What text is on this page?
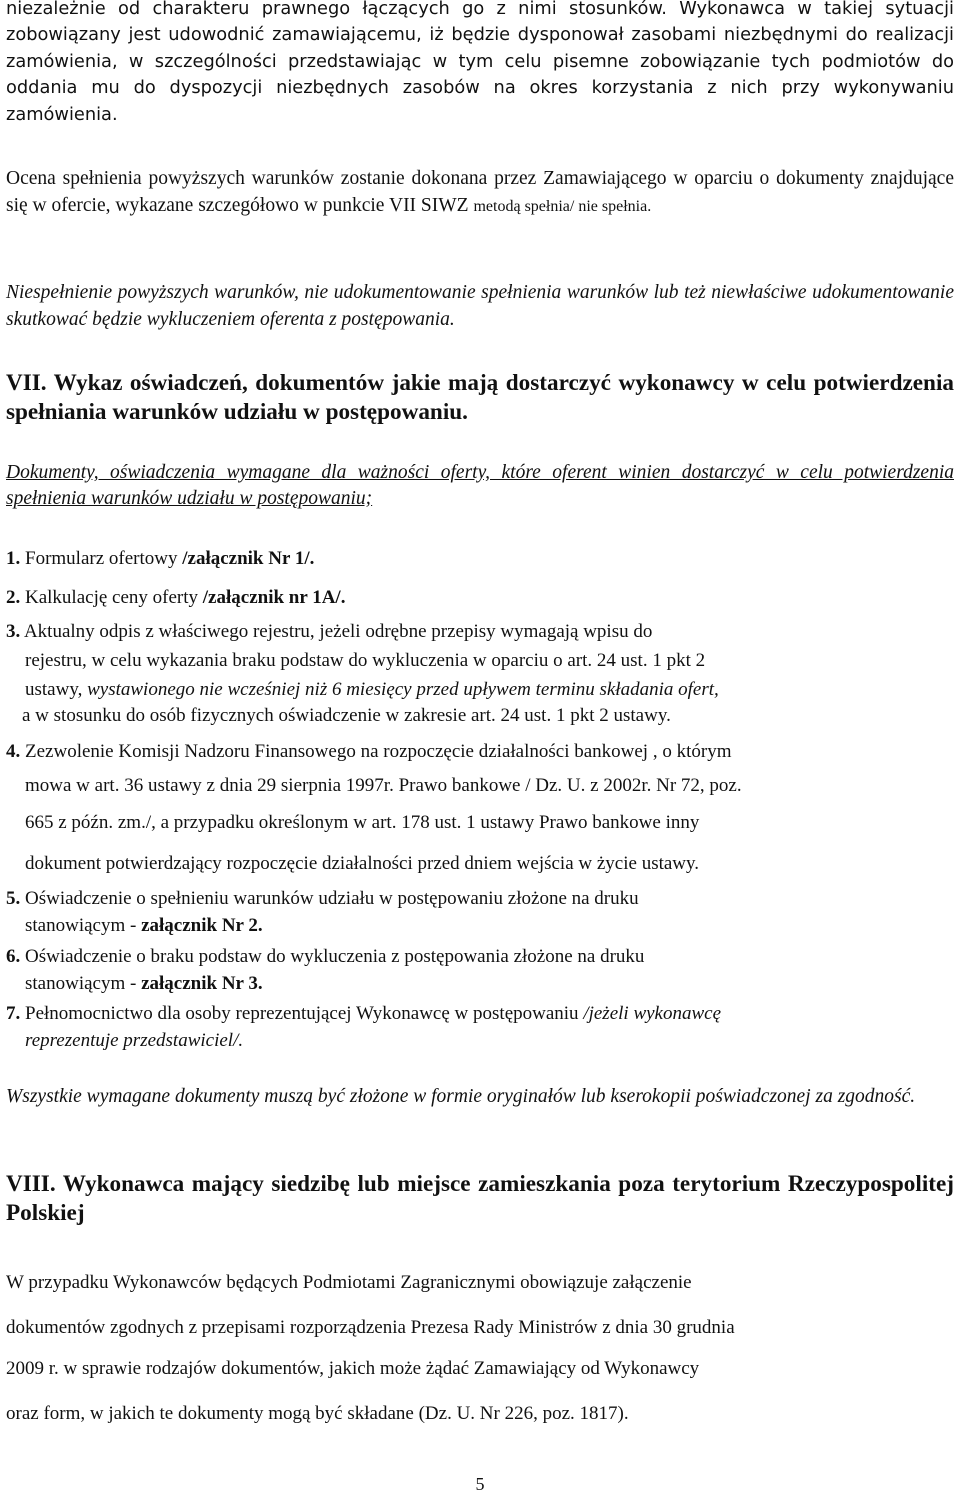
niezależnie od charakteru prawnego łączących go z nimi stosunków. Wykonawca w takiej sytuacji zobowiązany jest udowodnić zamawiającemu, iż będzie dysponował zasobami niezbędnymi do realizacji zamówienia, w szczególności przedstawiając w tym celu pisemne zobowiązanie tych podmiotów do oddania mu do dyspozycji niezbędnych zasobów na okres korzystania z nich przy wykonywaniu zamówienia.

Ocena spełnienia powyższych warunków zostanie dokonana przez Zamawiającego w oparciu o dokumenty znajdujące się w ofercie, wykazane szczegółowo w punkcie VII SIWZ metodą spełnia/ nie spełnia.

Niespełnienie powyższych warunków, nie udokumentowanie spełnienia warunków lub też niewłaściwe udokumentowanie skutkować będzie wykluczeniem oferenta z postępowania.

VII. Wykaz oświadczeń, dokumentów jakie mają dostarczyć wykonawcy w celu potwierdzenia spełniania warunków udziału w postępowaniu.

Dokumenty, oświadczenia wymagane dla ważności oferty, które oferent winien dostarczyć w celu potwierdzenia spełnienia warunków udziału w postępowaniu;

1. Formularz ofertowy /załącznik Nr 1/.
2. Kalkulację ceny oferty /załącznik nr 1A/.
3. Aktualny odpis z właściwego rejestru, jeżeli odrębne przepisy wymagają wpisu do
rejestru, w celu wykazania braku podstaw do wykluczenia w oparciu o art. 24 ust. 1 pkt 2
ustawy, wystawionego nie wcześniej niż 6 miesięcy przed upływem terminu składania ofert,
a w stosunku do osób fizycznych oświadczenie w zakresie art. 24 ust. 1 pkt 2 ustawy.
4. Zezwolenie Komisji Nadzoru Finansowego na rozpoczęcie działalności bankowej , o którym
mowa w art. 36 ustawy z dnia 29 sierpnia 1997r. Prawo bankowe / Dz. U. z 2002r. Nr 72, poz.
665 z późn. zm./, a przypadku określonym w art. 178 ust. 1 ustawy Prawo bankowe inny
dokument potwierdzający rozpoczęcie działalności przed dniem wejścia w życie ustawy.
5. Oświadczenie o spełnieniu warunków udziału w postępowaniu złożone na druku
stanowiącym - załącznik Nr 2.
6. Oświadczenie o braku podstaw do wykluczenia z postępowania złożone na druku
stanowiącym - załącznik Nr 3.
7. Pełnomocnictwo dla osoby reprezentującej Wykonawcę w postępowaniu /jeżeli wykonawcę
reprezentuje przedstawiciel/.

Wszystkie wymagane dokumenty muszą być złożone w formie oryginałów lub kserokopii poświadczonej za zgodność.

VIII. Wykonawca mający siedzibę lub miejsce zamieszkania poza terytorium Rzeczypospolitej Polskiej
W przypadku Wykonawców będących Podmiotami Zagranicznymi obowiązuje załączenie
dokumentów zgodnych z przepisami rozporządzenia Prezesa Rady Ministrów z dnia 30 grudnia
2009 r. w sprawie rodzajów dokumentów, jakich może żądać Zamawiający od Wykonawcy
oraz form, w jakich te dokumenty mogą być składane (Dz. U. Nr 226, poz. 1817).
5
